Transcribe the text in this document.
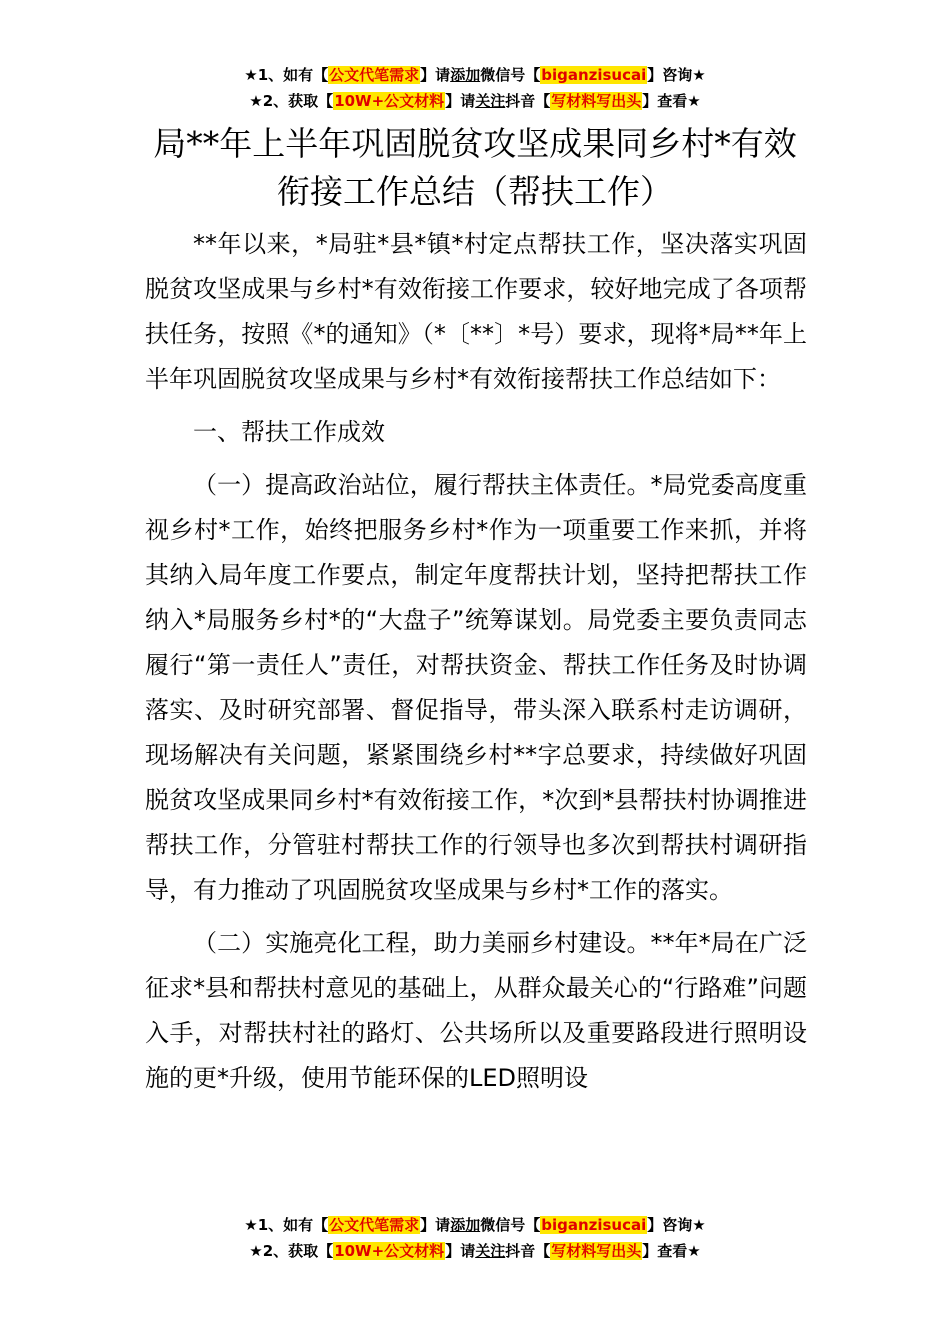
★1、如有【公文代笔需求】请添加微信号【biganzisucai】咨询★
★2、获取【10W+公文材料】请关注抖音【写材料写出头】查看★
局**年上半年巩固脱贫攻坚成果同乡村*有效
衔接工作总结（帮扶工作）

**年以来，*局驻*县*镇*村定点帮扶工作，坚决落实巩固脱贫攻坚成果与乡村*有效衔接工作要求，较好地完成了各项帮扶任务，按照《*的通知》（*〔**〕*号）要求，现将*局**年上半年巩固脱贫攻坚成果与乡村*有效衔接帮扶工作总结如下：

一、帮扶工作成效

（一）提高政治站位，履行帮扶主体责任。*局党委高度重视乡村*工作，始终把服务乡村*作为一项重要工作来抓，并将其纳入局年度工作要点，制定年度帮扶计划，坚持把帮扶工作纳入*局服务乡村*的“大盘子”统筹谋划。局党委主要负责同志履行“第一责任人”责任，对帮扶资金、帮扶工作任务及时协调落实、及时研究部署、督促指导，带头深入联系村走访调研，现场解决有关问题，紧紧围绕乡村**字总要求，持续做好巩固脱贫攻坚成果同乡村*有效衔接工作，*次到*县帮扶村协调推进帮扶工作，分管驻村帮扶工作的行领导也多次到帮扶村调研指导，有力推动了巩固脱贫攻坚成果与乡村*工作的落实。

（二）实施亮化工程，助力美丽乡村建设。**年*局在广泛征求*县和帮扶村意见的基础上，从群众最关心的“行路难”问题入手，对帮扶村社的路灯、公共场所以及重要路段进行照明设施的更*升级，使用节能环保的LED照明设

★1、如有【公文代笔需求】请添加微信号【biganzisucai】咨询★
★2、获取【10W+公文材料】请关注抖音【写材料写出头】查看★
